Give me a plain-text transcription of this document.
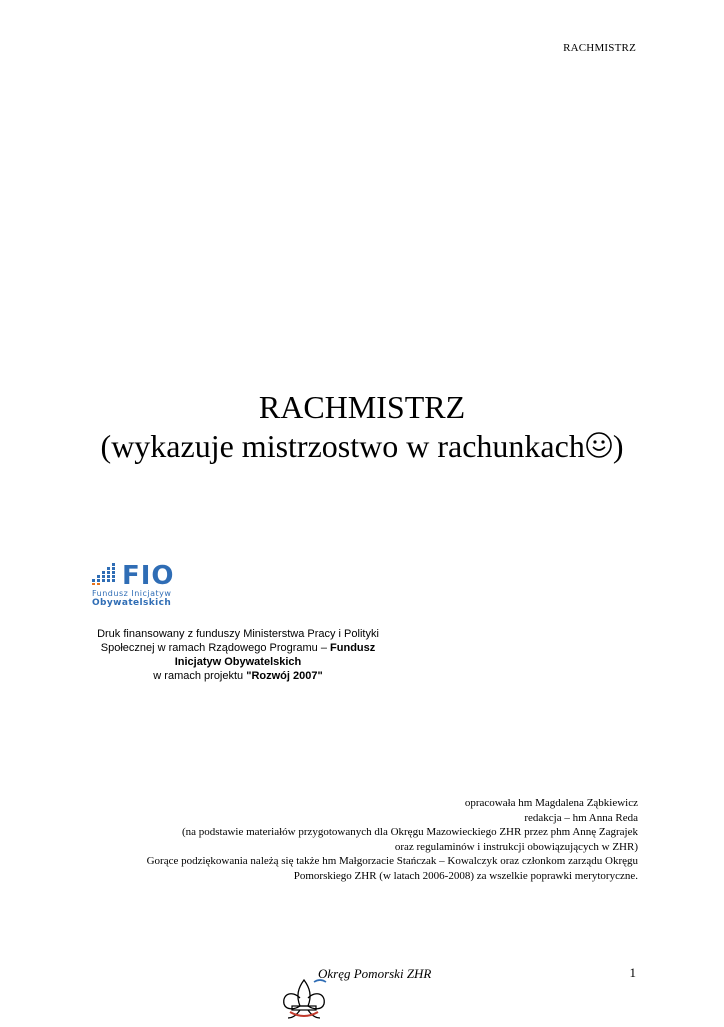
RACHMISTRZ
RACHMISTRZ
(wykazuje mistrzostwo w rachunkach )
FIO
Fundusz Inicjatyw
Obywatelskich
Druk finansowany z funduszy Ministerstwa Pracy i Polityki
Społecznej w ramach Rządowego Programu – Fundusz
Inicjatyw Obywatelskich
w ramach projektu "Rozwój 2007"
opracowała hm Magdalena Ząbkiewicz
redakcja – hm Anna Reda
(na podstawie materiałów przygotowanych dla Okręgu Mazowieckiego ZHR przez phm Annę Zagrajek
oraz regulaminów i instrukcji obowiązujących w ZHR)
Gorące podziękowania należą się także hm Małgorzacie Stańczak – Kowalczyk oraz członkom zarządu Okręgu
Pomorskiego ZHR (w latach 2006-2008) za wszelkie poprawki merytoryczne.
Okręg Pomorski ZHR	1
